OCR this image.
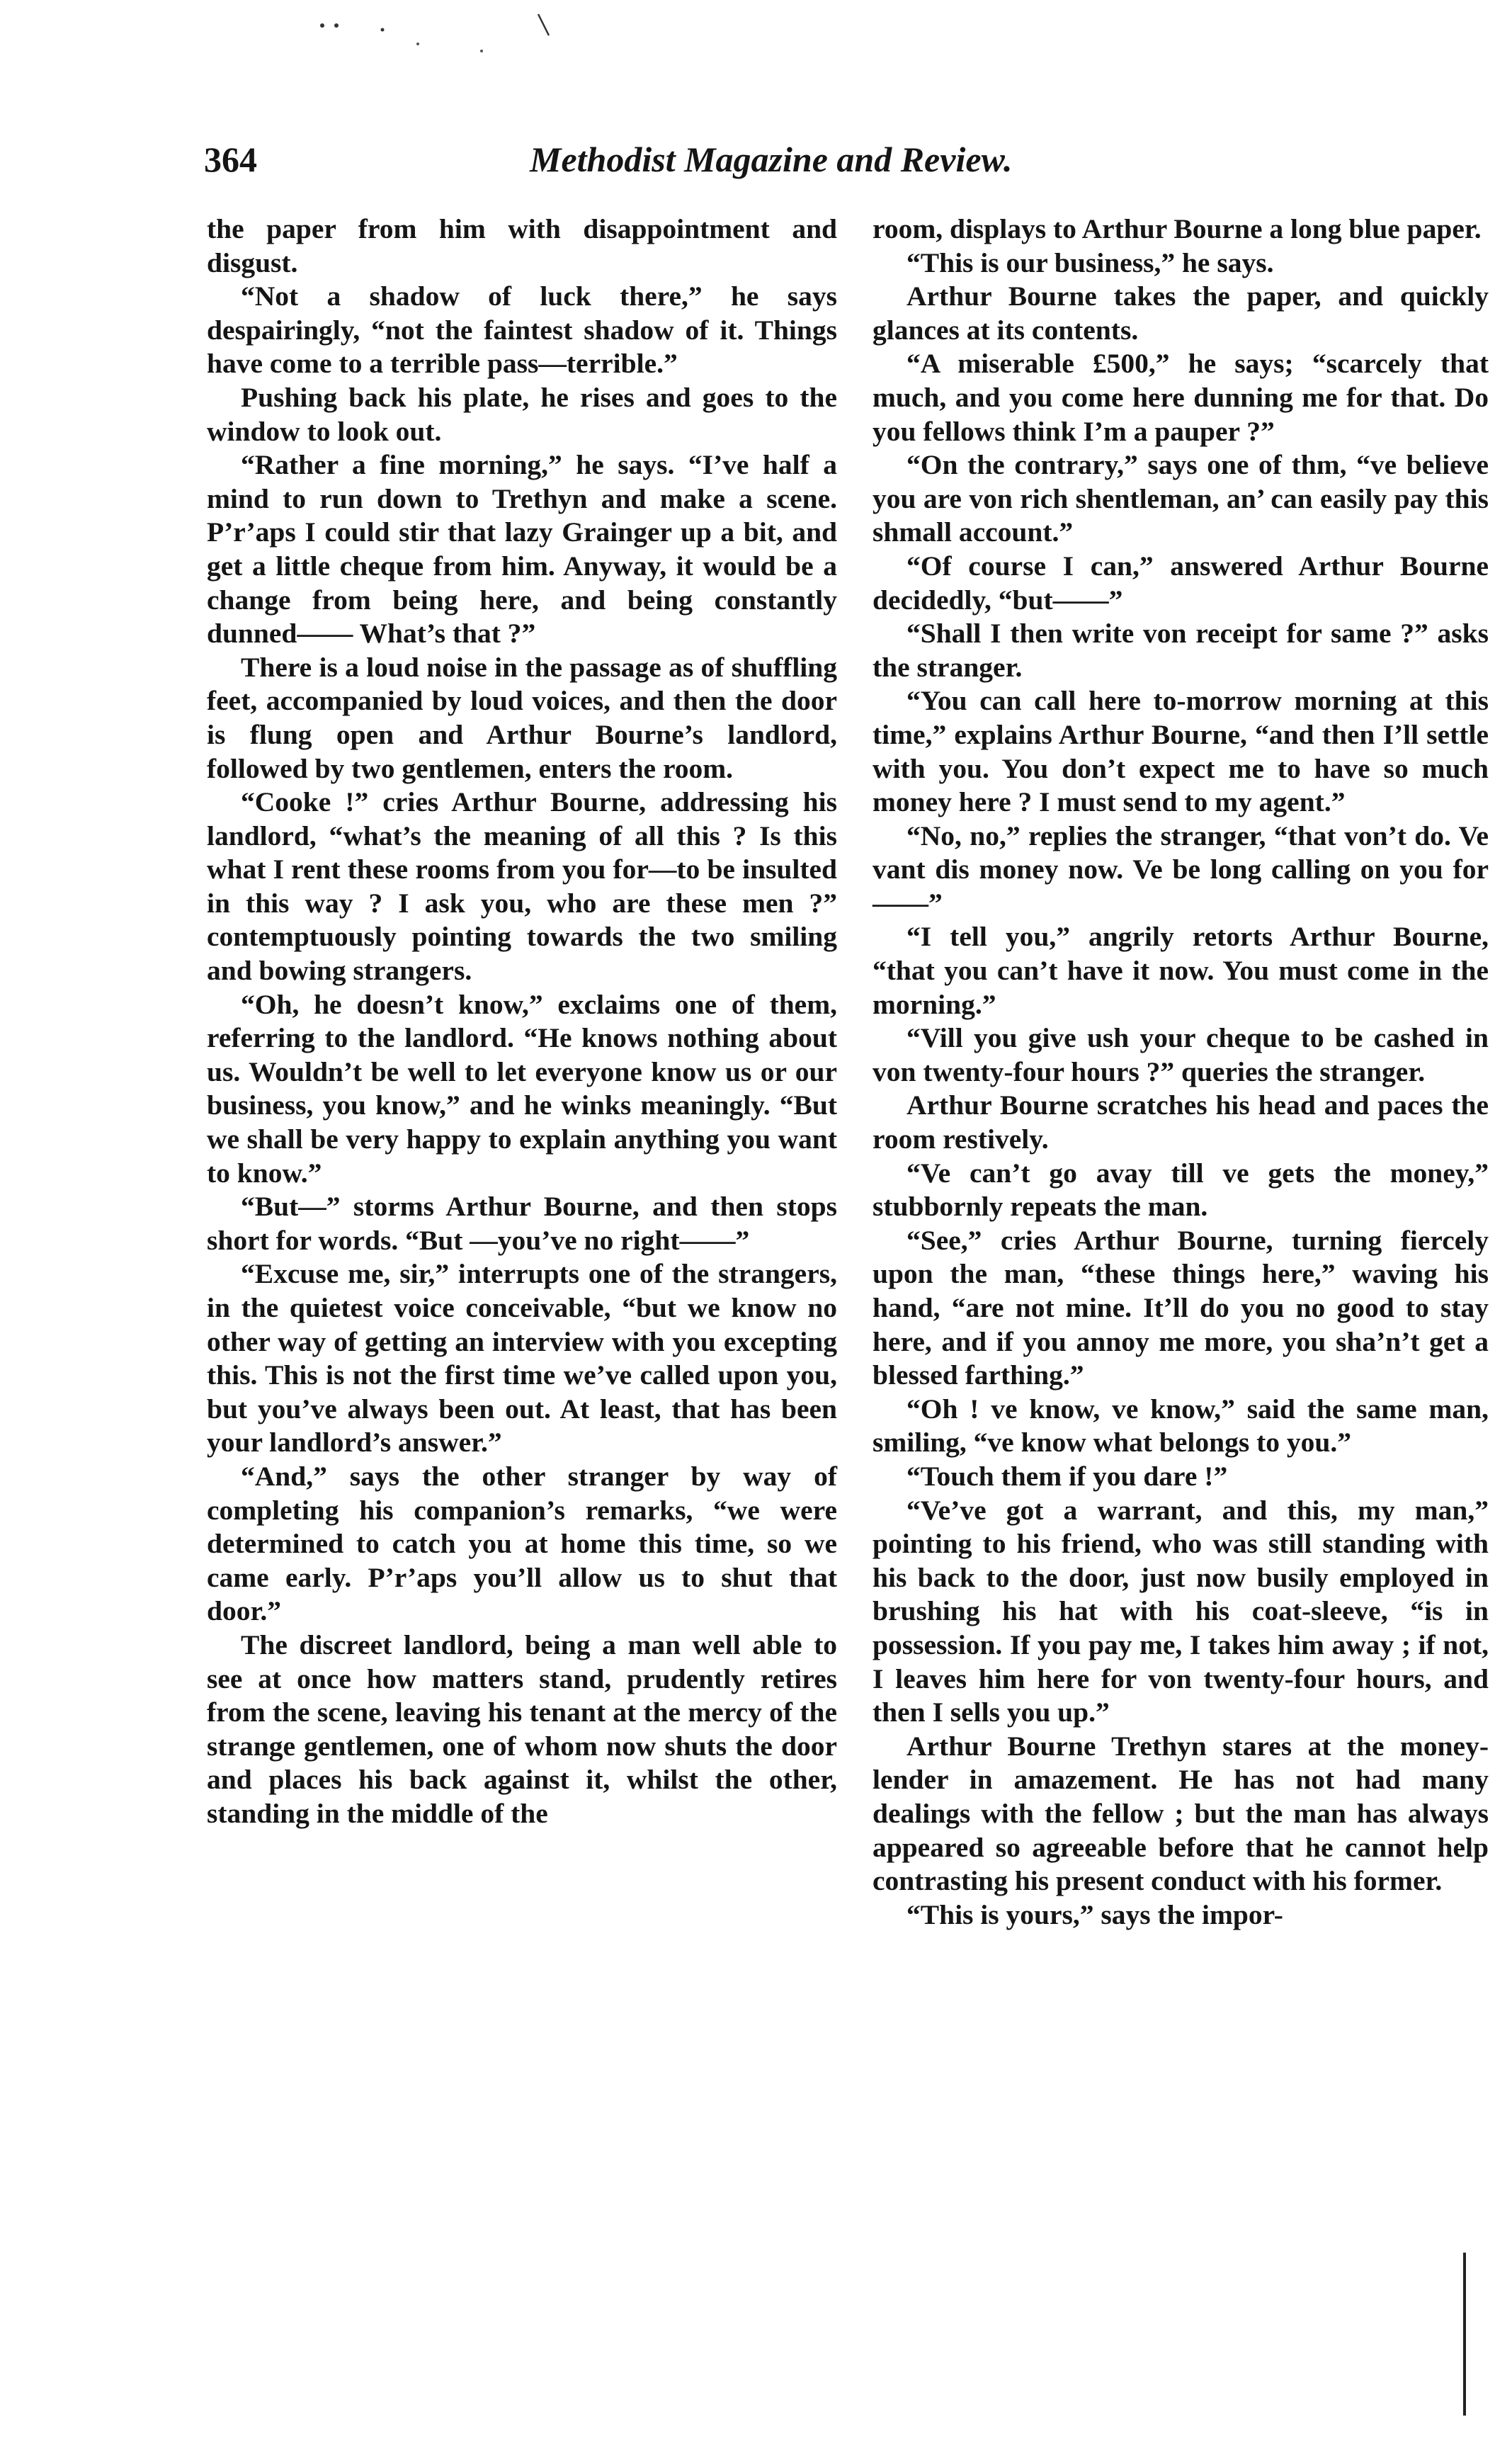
364	Methodist Magazine and Review.

the paper from him with disappointment and disgust.

“Not a shadow of luck there,” he says despairingly, “not the faintest shadow of it. Things have come to a terrible pass—terrible.”

Pushing back his plate, he rises and goes to the window to look out.

“Rather a fine morning,” he says. “I’ve half a mind to run down to Trethyn and make a scene. P’r’aps I could stir that lazy Grainger up a bit, and get a little cheque from him. Anyway, it would be a change from being here, and being constantly dunned—— What’s that ?”

There is a loud noise in the passage as of shuffling feet, accompanied by loud voices, and then the door is flung open and Arthur Bourne’s landlord, followed by two gentlemen, enters the room.

“Cooke !” cries Arthur Bourne, addressing his landlord, “what’s the meaning of all this ? Is this what I rent these rooms from you for—to be insulted in this way ? I ask you, who are these men ?” contemptuously pointing towards the two smiling and bowing strangers.

“Oh, he doesn’t know,” exclaims one of them, referring to the landlord. “He knows nothing about us. Wouldn’t be well to let everyone know us or our business, you know,” and he winks meaningly. “But we shall be very happy to explain anything you want to know.”

“But—” storms Arthur Bourne, and then stops short for words. “But —you’ve no right——”

“Excuse me, sir,” interrupts one of the strangers, in the quietest voice conceivable, “but we know no other way of getting an interview with you excepting this. This is not the first time we’ve called upon you, but you’ve always been out. At least, that has been your landlord’s answer.”

“And,” says the other stranger by way of completing his companion’s remarks, “we were determined to catch you at home this time, so we came early. P’r’aps you’ll allow us to shut that door.”

The discreet landlord, being a man well able to see at once how matters stand, prudently retires from the scene, leaving his tenant at the mercy of the strange gentlemen, one of whom now shuts the door and places his back against it, whilst the other, standing in the middle of the

room, displays to Arthur Bourne a long blue paper.

“This is our business,” he says.

Arthur Bourne takes the paper, and quickly glances at its contents.

“A miserable £500,” he says; “scarcely that much, and you come here dunning me for that. Do you fellows think I’m a pauper ?”

“On the contrary,” says one of thm, “ve believe you are von rich shentleman, an’ can easily pay this shmall account.”

“Of course I can,” answered Arthur Bourne decidedly, “but——”

“Shall I then write von receipt for same ?” asks the stranger.

“You can call here to-morrow morning at this time,” explains Arthur Bourne, “and then I’ll settle with you. You don’t expect me to have so much money here ? I must send to my agent.”

“No, no,” replies the stranger, “that von’t do. Ve vant dis money now. Ve be long calling on you for——”

“I tell you,” angrily retorts Arthur Bourne, “that you can’t have it now. You must come in the morning.”

“Vill you give ush your cheque to be cashed in von twenty-four hours ?” queries the stranger.

Arthur Bourne scratches his head and paces the room restively.

“Ve can’t go avay till ve gets the money,” stubbornly repeats the man.

“See,” cries Arthur Bourne, turning fiercely upon the man, “these things here,” waving his hand, “are not mine. It’ll do you no good to stay here, and if you annoy me more, you sha’n’t get a blessed farthing.”

“Oh ! ve know, ve know,” said the same man, smiling, “ve know what belongs to you.”

“Touch them if you dare !”

“Ve’ve got a warrant, and this, my man,” pointing to his friend, who was still standing with his back to the door, just now busily employed in brushing his hat with his coat-sleeve, “is in possession. If you pay me, I takes him away ; if not, I leaves him here for von twenty-four hours, and then I sells you up.”

Arthur Bourne Trethyn stares at the money-lender in amazement. He has not had many dealings with the fellow ; but the man has always appeared so agreeable before that he cannot help contrasting his present conduct with his former.

“This is yours,” says the impor-
